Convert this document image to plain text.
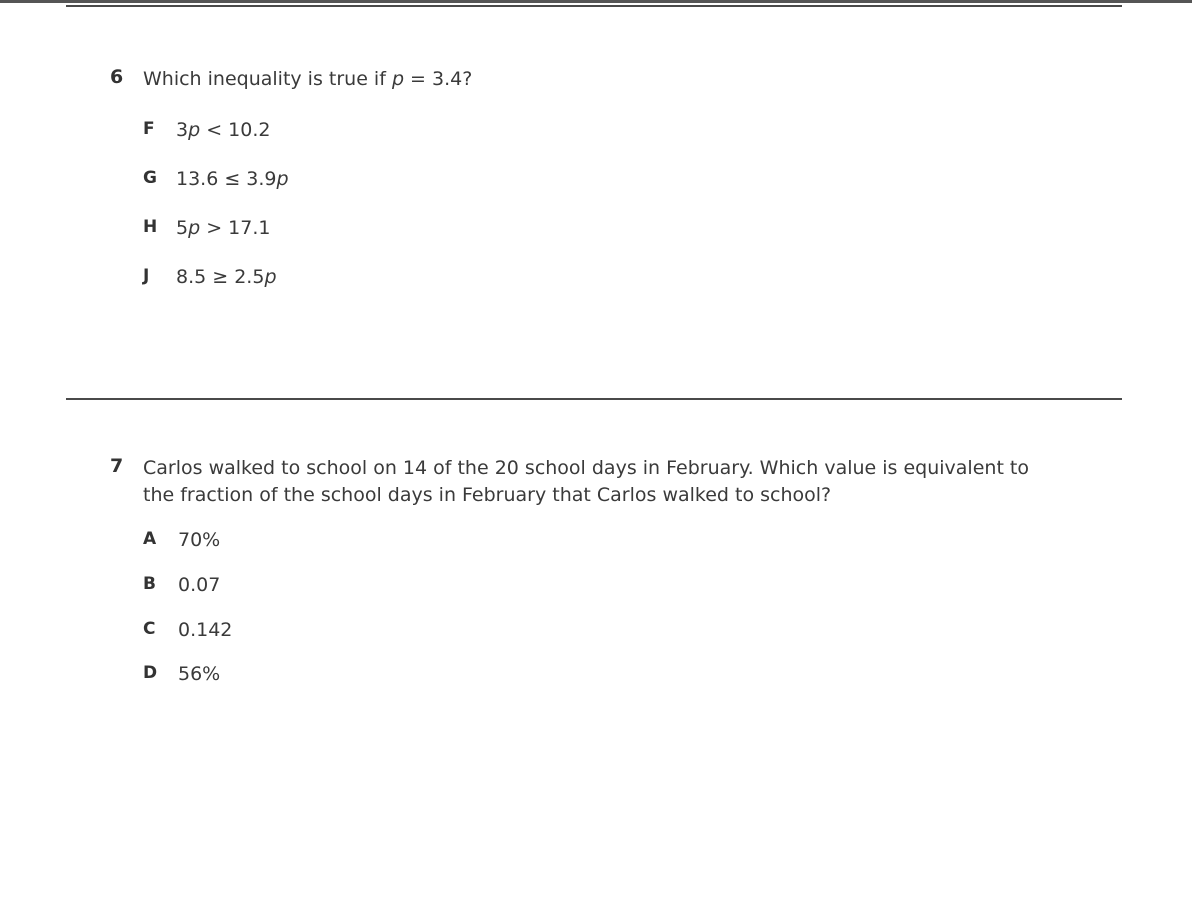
6 Which inequality is true if p = 3.4?
F 3p < 10.2
G 13.6 ≤ 3.9p
H 5p > 17.1
J 8.5 ≥ 2.5p
7 Carlos walked to school on 14 of the 20 school days in February. Which value is equivalent to
the fraction of the school days in February that Carlos walked to school?
A 70%
B 0.07
C 0.142
D 56%
